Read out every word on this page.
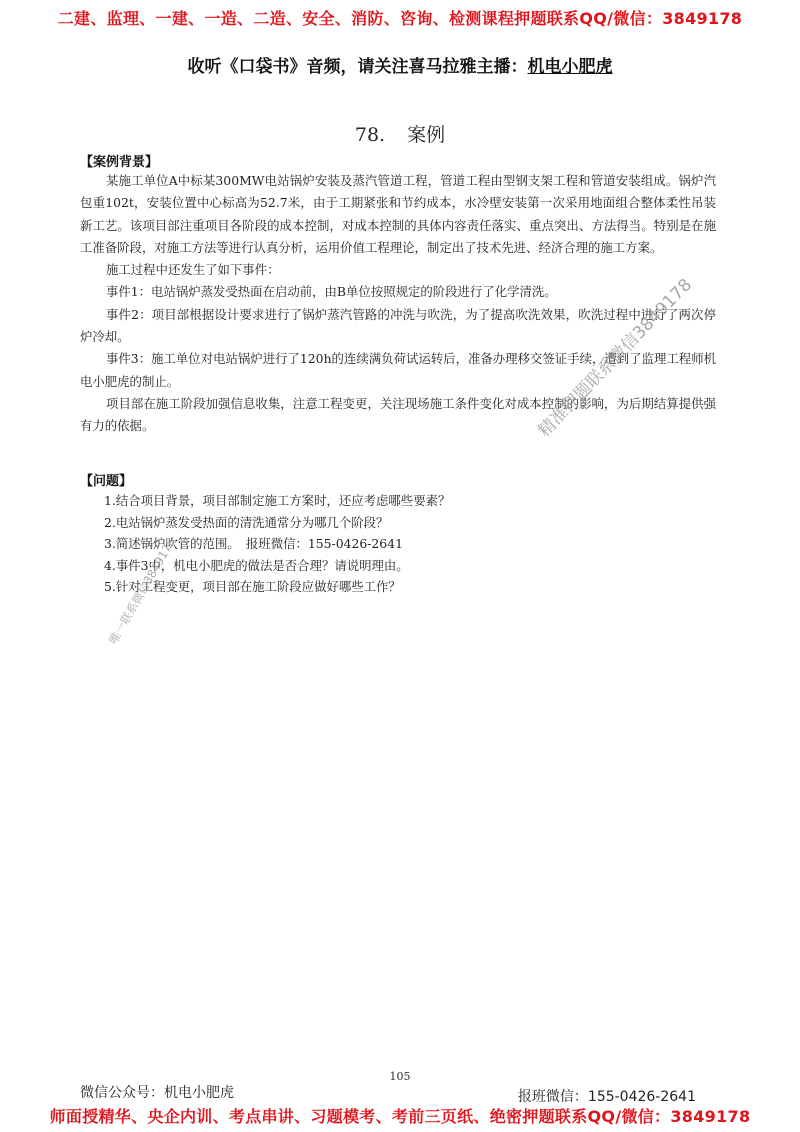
二建、监理、一建、一造、二造、安全、消防、咨询、检测课程押题联系QQ/微信：3849178
收听《口袋书》音频，请关注喜马拉雅主播：机电小肥虎
78. 案例
【案例背景】

某施工单位A中标某300MW电站锅炉安装及蒸汽管道工程，管道工程由型钢支架工程和管道安装组成。锅炉汽包重102t，安装位置中心标高为52.7米，由于工期紧张和节约成本，水冷壁安装第一次采用地面组合整体柔性吊装新工艺。该项目部注重项目各阶段的成本控制，对成本控制的具体内容责任落实、重点突出、方法得当。特别是在施工准备阶段，对施工方法等进行认真分析，运用价值工程理论，制定出了技术先进、经济合理的施工方案。

施工过程中还发生了如下事件：

事件1：电站锅炉蒸发受热面在启动前，由B单位按照规定的阶段进行了化学清洗。

事件2：项目部根据设计要求进行了锅炉蒸汽管路的冲洗与吹洗，为了提高吹洗效果，吹洗过程中进行了两次停炉冷却。

事件3：施工单位对电站锅炉进行了120h的连续满负荷试运转后，准备办理移交签证手续，遭到了监理工程师机电小肥虎的制止。

项目部在施工阶段加强信息收集，注意工程变更，关注现场施工条件变化对成本控制的影响，为后期结算提供强有力的依据。

【问题】
1.结合项目背景，项目部制定施工方案时，还应考虑哪些要素？
2.电站锅炉蒸发受热面的清洗通常分为哪几个阶段？
3.简述锅炉吹管的范围。　报班微信：155-0426-2641
4.事件3中，机电小肥虎的做法是否合理？请说明理由。
5.针对工程变更，项目部在施工阶段应做好哪些工作？
精准押题联系微信3849178
唯一联系微信3849178
105
微信公众号：机电小肥虎	报班微信：155-0426-2641
师面授精华、央企内训、考点串讲、习题模考、考前三页纸、绝密押题联系QQ/微信：3849178
